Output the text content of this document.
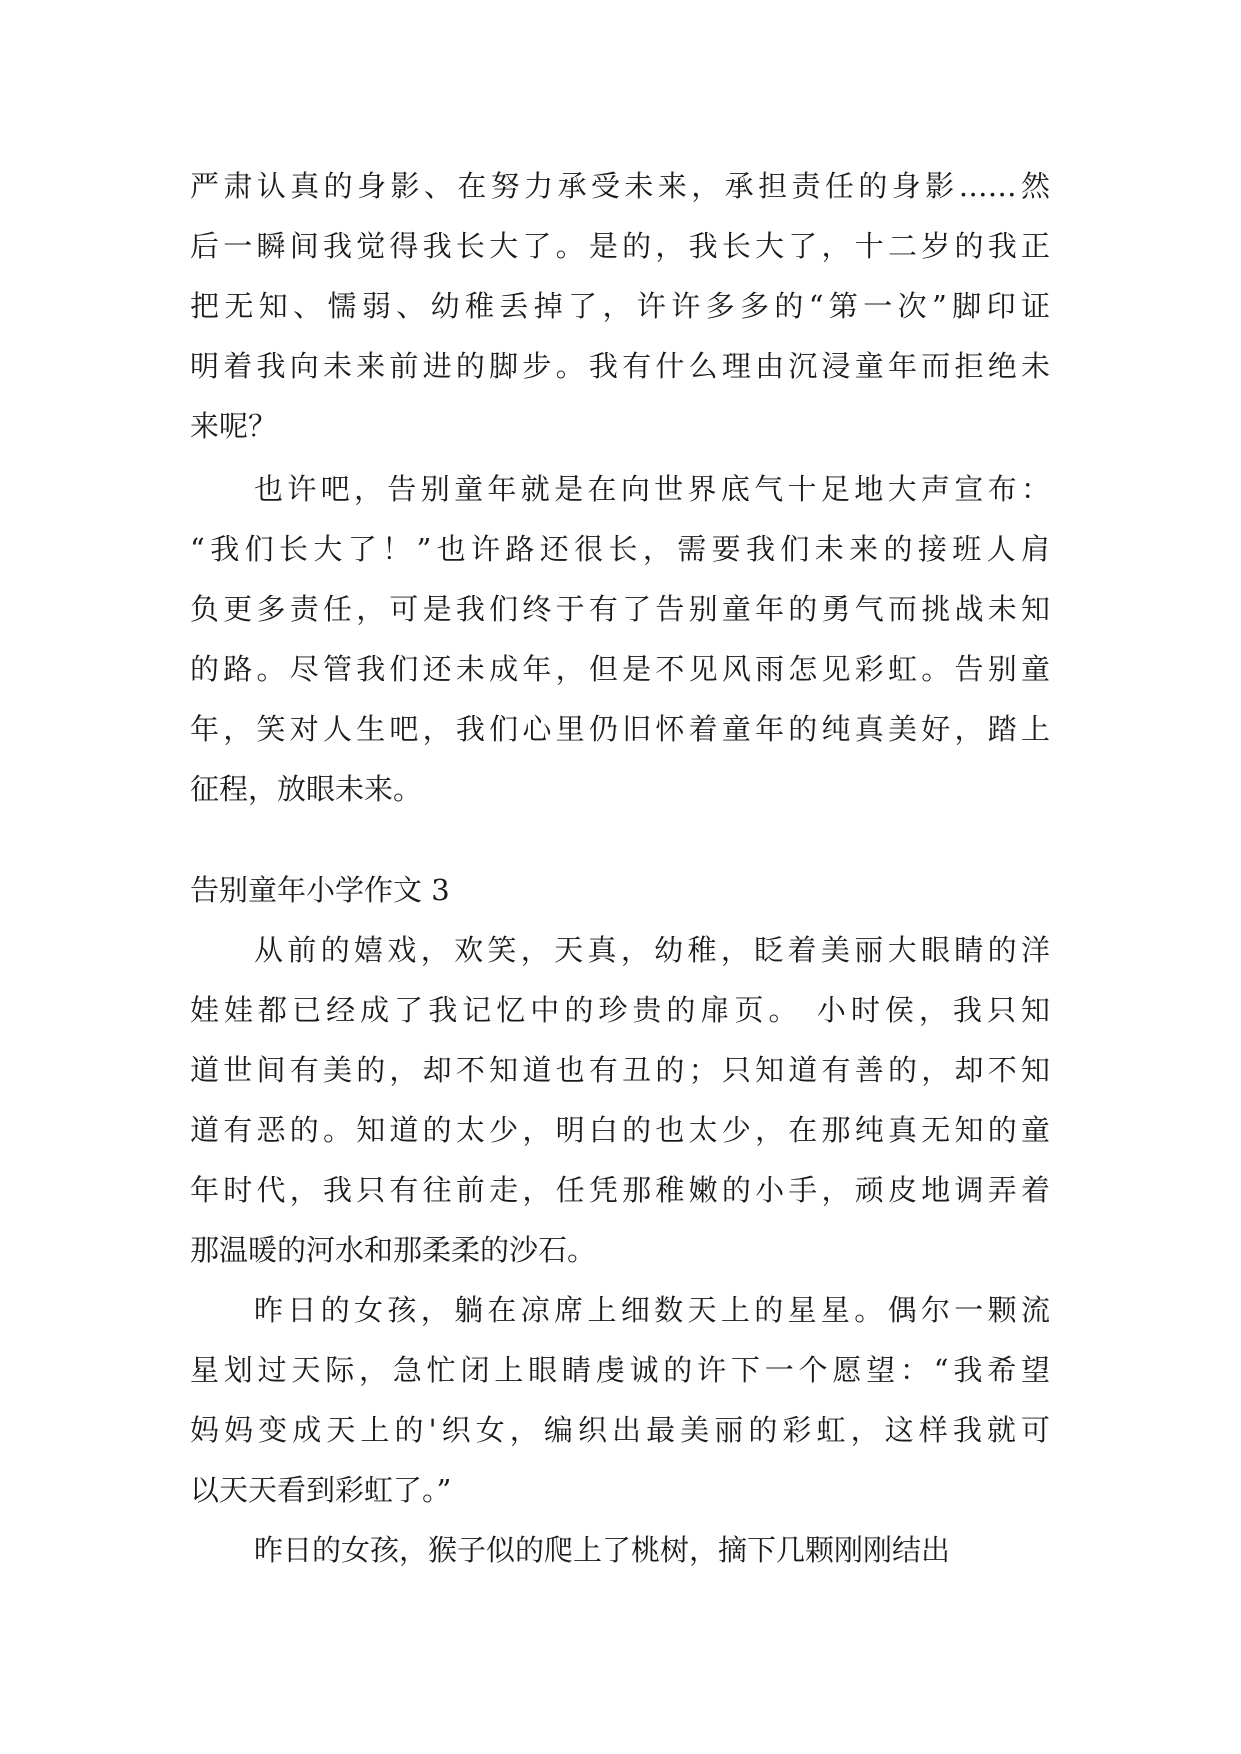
严肃认真的身影、在努力承受未来，承担责任的身影……然
后一瞬间我觉得我长大了。是的，我长大了，十二岁的我正
把无知、懦弱、幼稚丢掉了，许许多多的“第一次”脚印证
明着我向未来前进的脚步。我有什么理由沉浸童年而拒绝未
来呢？
也许吧，告别童年就是在向世界底气十足地大声宣布：
“我们长大了！”也许路还很长，需要我们未来的接班人肩
负更多责任，可是我们终于有了告别童年的勇气而挑战未知
的路。尽管我们还未成年，但是不见风雨怎见彩虹。告别童
年，笑对人生吧，我们心里仍旧怀着童年的纯真美好，踏上
征程，放眼未来。
告别童年小学作文 3
从前的嬉戏，欢笑，天真，幼稚，眨着美丽大眼睛的洋
娃娃都已经成了我记忆中的珍贵的扉页。 小时侯，我只知
道世间有美的，却不知道也有丑的；只知道有善的，却不知
道有恶的。知道的太少，明白的也太少，在那纯真无知的童
年时代，我只有往前走，任凭那稚嫩的小手，顽皮地调弄着
那温暖的河水和那柔柔的沙石。
昨日的女孩，躺在凉席上细数天上的星星。偶尔一颗流
星划过天际，急忙闭上眼睛虔诚的许下一个愿望：“我希望
妈妈变成天上的'织女，编织出最美丽的彩虹，这样我就可
以天天看到彩虹了。”
昨日的女孩，猴子似的爬上了桃树，摘下几颗刚刚结出
